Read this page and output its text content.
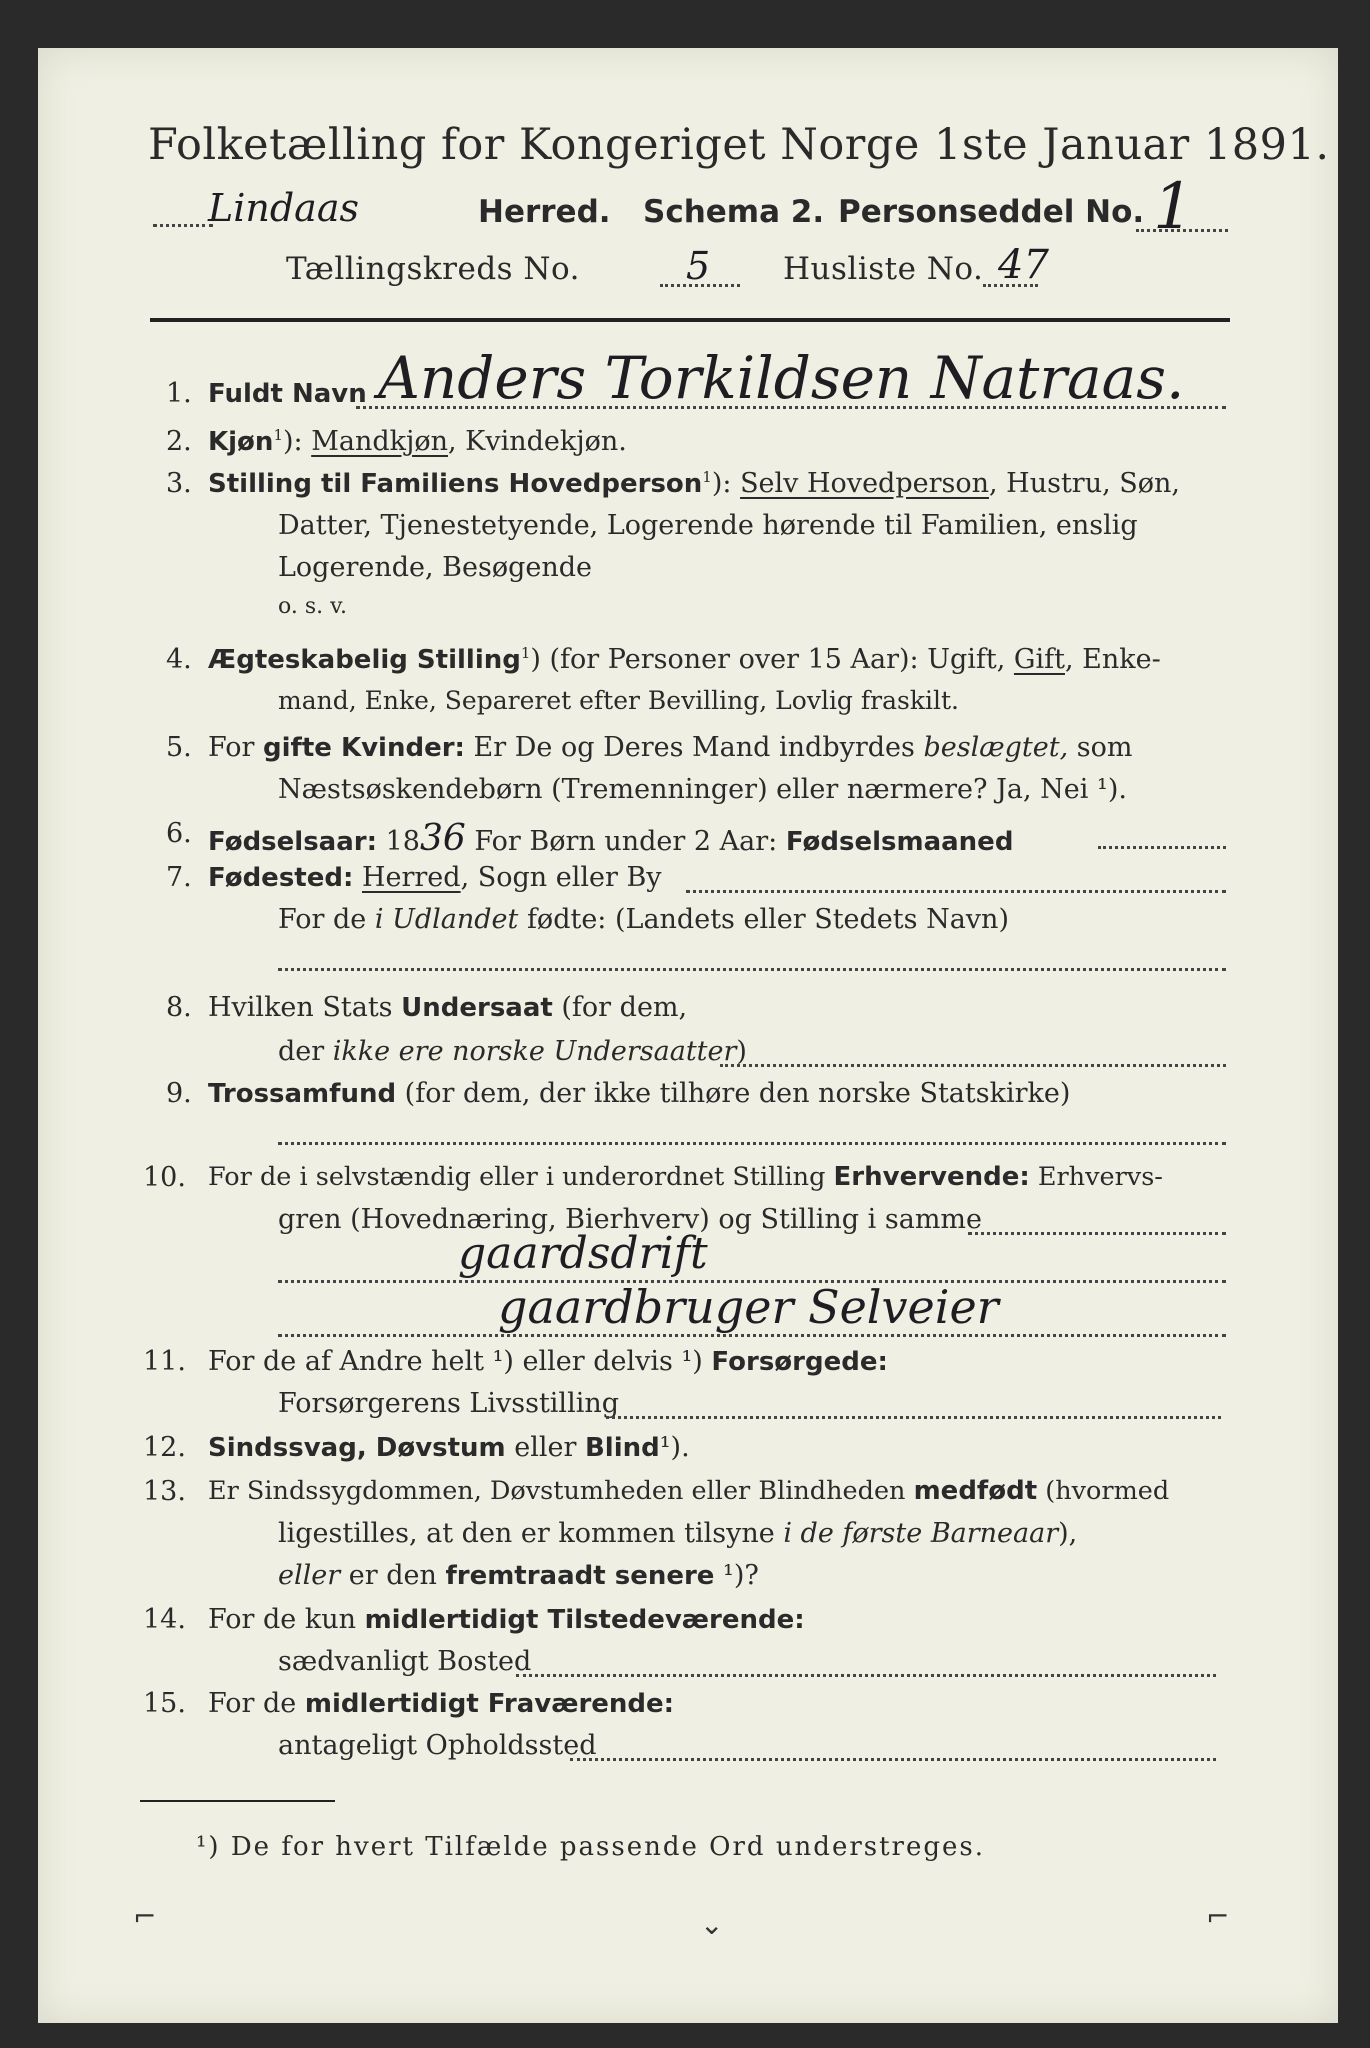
Folketælling for Kongeriget Norge 1ste Januar 1891.
Lindaas	Herred. Schema 2. Personseddel No. 1
Tællingskreds No.	5 Husliste No. 47
1. Fuldt Navn Anders Torkildsen Natraas.
2. Kjøn$^1$): Mandkjøn, Kvindekjøn.
3. Stilling til Familiens Hovedperson$^1$): Selv Hovedperson, Hustru, Søn,
Datter, Tjenestetyende, Logerende hørende til Familien, enslig
Logerende, Besøgende
o. s. v.
4. Ægteskabelig Stilling$^1$) (for Personer over 15 Aar): Ugift, Gift, Enke-
mand, Enke, Separeret efter Bevilling, Lovlig fraskilt.
5. For gifte Kvinder: Er De og Deres Mand indbyrdes beslægtet, som
Næstsøskendebørn (Tremenninger) eller nærmere? Ja, Nei ¹).
6. Fødselsaar: 1836 For Børn under 2 Aar: Fødselsmaaned
7. Fødested: Herred, Sogn eller By
For de i Udlandet fødte: (Landets eller Stedets Navn)
8. Hvilken Stats Undersaat (for dem,
der ikke ere norske Undersaatter)
9. Trossamfund (for dem, der ikke tilhøre den norske Statskirke)
10. For de i selvstændig eller i underordnet Stilling Erhvervende: Erhvervs-
gren (Hovednæring, Bierhverv) og Stilling i samme
gaardsdrift
gaardbruger Selveier
11. For de af Andre helt ¹) eller delvis ¹) Forsørgede:
Forsørgerens Livsstilling
12. Sindssvag, Døvstum eller Blind¹).
13. Er Sindssygdommen, Døvstumheden eller Blindheden medfødt (hvormed
ligestilles, at den er kommen tilsyne i de første Barneaar),
eller er den fremtraadt senere ¹)?
14. For de kun midlertidigt Tilstedeværende:
sædvanligt Bosted
15. For de midlertidigt Fraværende:
antageligt Opholdssted
¹) De for hvert Tilfælde passende Ord understreges.
⌐	⌄	⌐
